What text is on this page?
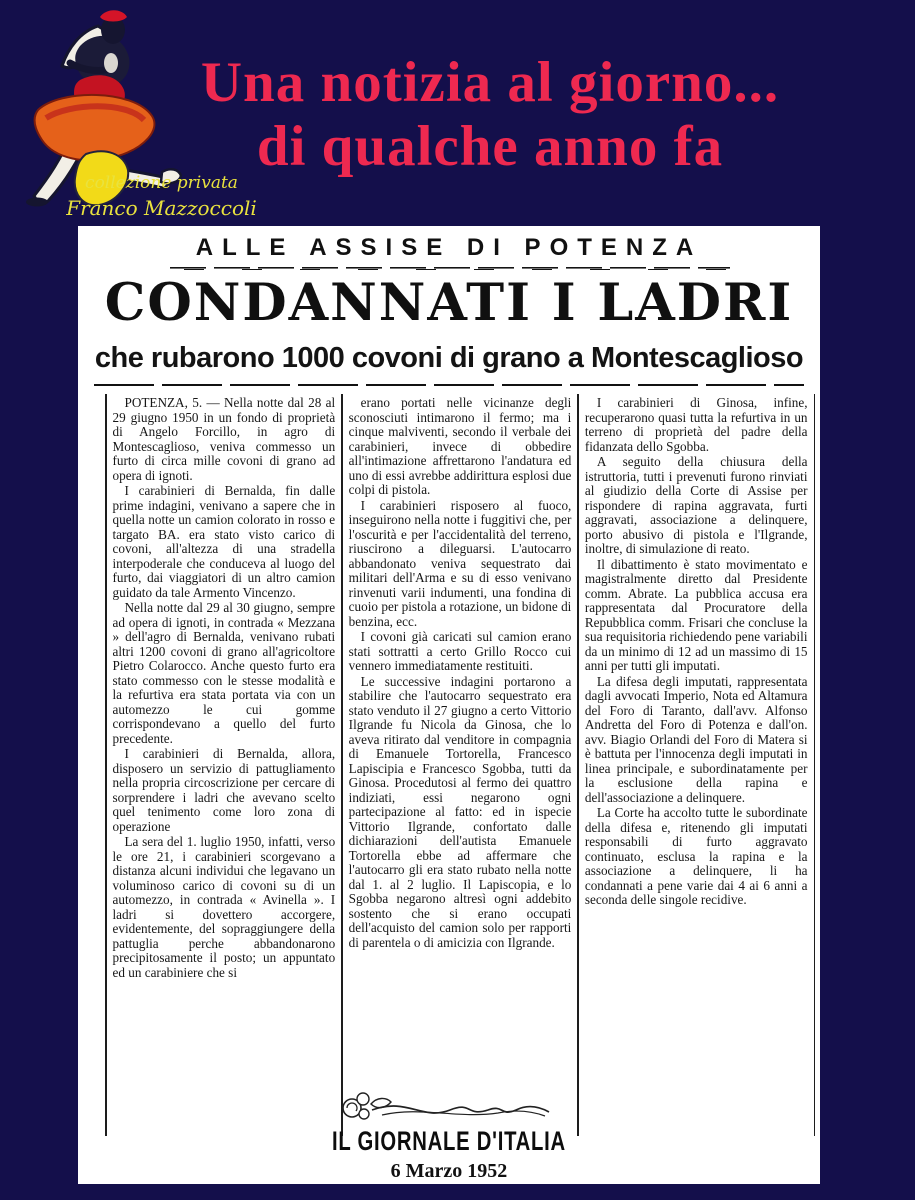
Una notizia al giorno...
di qualche anno fa
collezione privata
Franco Mazzoccoli
ALLE ASSISE DI POTENZA
CONDANNATI I LADRI
che rubarono 1000 covoni di grano a Montescaglioso

POTENZA, 5. — Nella notte dal 28 al 29 giugno 1950 in un fondo di proprietà di Angelo Forcillo, in agro di Montescaglioso, veniva commesso un furto di circa mille covoni di grano ad opera di ignoti.

I carabinieri di Bernalda, fin dalle prime indagini, venivano a sapere che in quella notte un camion colorato in rosso e targato BA. era stato visto carico di covoni, all'altezza di una stradella interpoderale che conduceva al luogo del furto, dai viaggiatori di un altro camion guidato da tale Armento Vincenzo.

Nella notte dal 29 al 30 giugno, sempre ad opera di ignoti, in contrada « Mezzana » dell'agro di Bernalda, venivano rubati altri 1200 covoni di grano all'agricoltore Pietro Colarocco. Anche questo furto era stato commesso con le stesse modalità e la refurtiva era stata portata via con un automezzo le cui gomme corrispondevano a quello del furto precedente.

I carabinieri di Bernalda, allora, disposero un servizio di pattugliamento nella propria circoscrizione per cercare di sorprendere i ladri che avevano scelto quel tenimento come loro zona di operazione

La sera del 1. luglio 1950, infatti, verso le ore 21, i carabinieri scorgevano a distanza alcuni individui che legavano un voluminoso carico di covoni su di un automezzo, in contrada « Avinella ». I ladri si dovettero accorgere, evidentemente, del sopraggiungere della pattuglia perche abbandonarono precipitosamente il posto; un appuntato ed un carabiniere che si

erano portati nelle vicinanze degli sconosciuti intimarono il fermo; ma i cinque malviventi, secondo il verbale dei carabinieri, invece di obbedire all'intimazione affrettarono l'andatura ed uno di essi avrebbe addirittura esplosi due colpi di pistola.

I carabinieri risposero al fuoco, inseguirono nella notte i fuggitivi che, per l'oscurità e per l'accidentalità del terreno, riuscirono a dileguarsi. L'autocarro abbandonato veniva sequestrato dai militari dell'Arma e su di esso venivano rinvenuti varii indumenti, una fondina di cuoio per pistola a rotazione, un bidone di benzina, ecc.

I covoni già caricati sul camion erano stati sottratti a certo Grillo Rocco cui vennero immediatamente restituiti.

Le successive indagini portarono a stabilire che l'autocarro sequestrato era stato venduto il 27 giugno a certo Vittorio Ilgrande fu Nicola da Ginosa, che lo aveva ritirato dal venditore in compagnia di Emanuele Tortorella, Francesco Lapiscipia e Francesco Sgobba, tutti da Ginosa. Procedutosi al fermo dei quattro indiziati, essi negarono ogni partecipazione al fatto: ed in ispecie Vittorio Ilgrande, confortato dalle dichiarazioni dell'autista Emanuele Tortorella ebbe ad affermare che l'autocarro gli era stato rubato nella notte dal 1. al 2 luglio. Il Lapiscopia, e lo Sgobba negarono altresì ogni addebito sostento che si erano occupati dell'acquisto del camion solo per rapporti di parentela o di amicizia con Ilgrande.

I carabinieri di Ginosa, infine, recuperarono quasi tutta la refurtiva in un terreno di proprietà del padre della fidanzata dello Sgobba.

A seguito della chiusura della istruttoria, tutti i prevenuti furono rinviati al giudizio della Corte di Assise per rispondere di rapina aggravata, furti aggravati, associazione a delinquere, porto abusivo di pistola e l'Ilgrande, inoltre, di simulazione di reato.

Il dibattimento è stato movimentato e magistralmente diretto dal Presidente comm. Abrate. La pubblica accusa era rappresentata dal Procuratore della Repubblica comm. Frisari che concluse la sua requisitoria richiedendo pene variabili da un minimo di 12 ad un massimo di 15 anni per tutti gli imputati.

La difesa degli imputati, rappresentata dagli avvocati Imperio, Nota ed Altamura del Foro di Taranto, dall'avv. Alfonso Andretta del Foro di Potenza e dall'on. avv. Biagio Orlandi del Foro di Matera si è battuta per l'innocenza degli imputati in linea principale, e subordinatamente per la esclusione della rapina e dell'associazione a delinquere.

La Corte ha accolto tutte le subordinate della difesa e, ritenendo gli imputati responsabili di furto aggravato continuato, esclusa la rapina e la associazione a delinquere, li ha condannati a pene varie dai 4 ai 6 anni a seconda delle singole recidive.

IL GIORNALE D'ITALIA
6 Marzo 1952
